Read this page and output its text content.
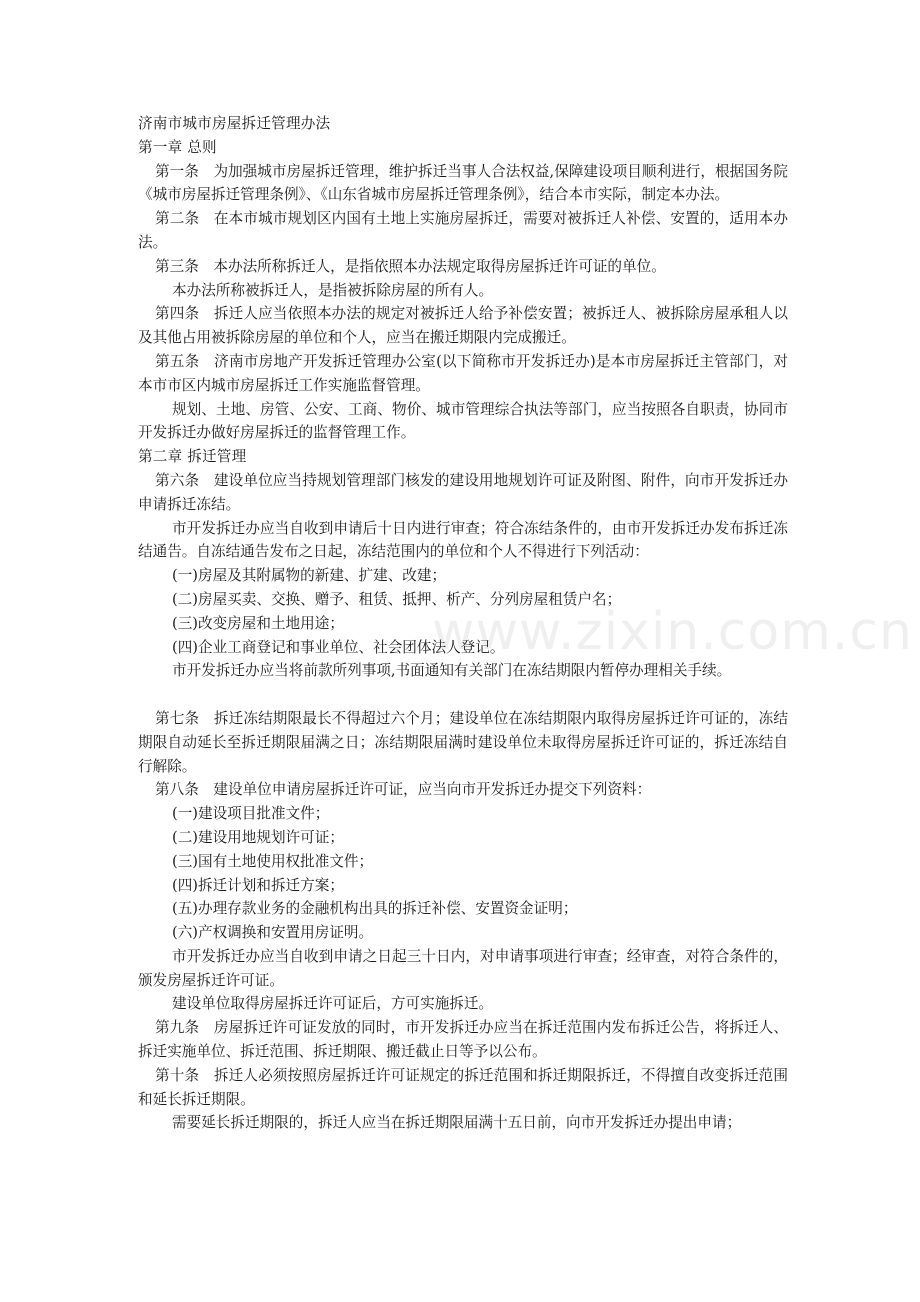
济南市城市房屋拆迁管理办法

第一章 总则

第一条　为加强城市房屋拆迁管理，维护拆迁当事人合法权益,保障建设项目顺利进行，根据国务院《城市房屋拆迁管理条例》、《山东省城市房屋拆迁管理条例》，结合本市实际，制定本办法。

第二条　在本市城市规划区内国有土地上实施房屋拆迁，需要对被拆迁人补偿、安置的，适用本办法。

第三条　本办法所称拆迁人，是指依照本办法规定取得房屋拆迁许可证的单位。

本办法所称被拆迁人，是指被拆除房屋的所有人。

第四条　拆迁人应当依照本办法的规定对被拆迁人给予补偿安置；被拆迁人、被拆除房屋承租人以及其他占用被拆除房屋的单位和个人，应当在搬迁期限内完成搬迁。

第五条　济南市房地产开发拆迁管理办公室(以下简称市开发拆迁办)是本市房屋拆迁主管部门，对本市市区内城市房屋拆迁工作实施监督管理。

规划、土地、房管、公安、工商、物价、城市管理综合执法等部门，应当按照各自职责，协同市开发拆迁办做好房屋拆迁的监督管理工作。

第二章 拆迁管理

第六条　建设单位应当持规划管理部门核发的建设用地规划许可证及附图、附件，向市开发拆迁办申请拆迁冻结。

市开发拆迁办应当自收到申请后十日内进行审查；符合冻结条件的，由市开发拆迁办发布拆迁冻结通告。自冻结通告发布之日起，冻结范围内的单位和个人不得进行下列活动：

(一)房屋及其附属物的新建、扩建、改建；

(二)房屋买卖、交换、赠予、租赁、抵押、析产、分列房屋租赁户名；

(三)改变房屋和土地用途；

(四)企业工商登记和事业单位、社会团体法人登记。

市开发拆迁办应当将前款所列事项,书面通知有关部门在冻结期限内暂停办理相关手续。

第七条　拆迁冻结期限最长不得超过六个月；建设单位在冻结期限内取得房屋拆迁许可证的，冻结期限自动延长至拆迁期限届满之日；冻结期限届满时建设单位未取得房屋拆迁许可证的，拆迁冻结自行解除。

第八条　建设单位申请房屋拆迁许可证，应当向市开发拆迁办提交下列资料：

(一)建设项目批准文件；

(二)建设用地规划许可证；

(三)国有土地使用权批准文件；

(四)拆迁计划和拆迁方案；

(五)办理存款业务的金融机构出具的拆迁补偿、安置资金证明；

(六)产权调换和安置用房证明。

市开发拆迁办应当自收到申请之日起三十日内，对申请事项进行审查；经审查，对符合条件的，颁发房屋拆迁许可证。

建设单位取得房屋拆迁许可证后，方可实施拆迁。

第九条　房屋拆迁许可证发放的同时，市开发拆迁办应当在拆迁范围内发布拆迁公告，将拆迁人、拆迁实施单位、拆迁范围、拆迁期限、搬迁截止日等予以公布。

第十条　拆迁人必须按照房屋拆迁许可证规定的拆迁范围和拆迁期限拆迁，不得擅自改变拆迁范围和延长拆迁期限。

需要延长拆迁期限的，拆迁人应当在拆迁期限届满十五日前，向市开发拆迁办提出申请；

www.zixin.com.cn
